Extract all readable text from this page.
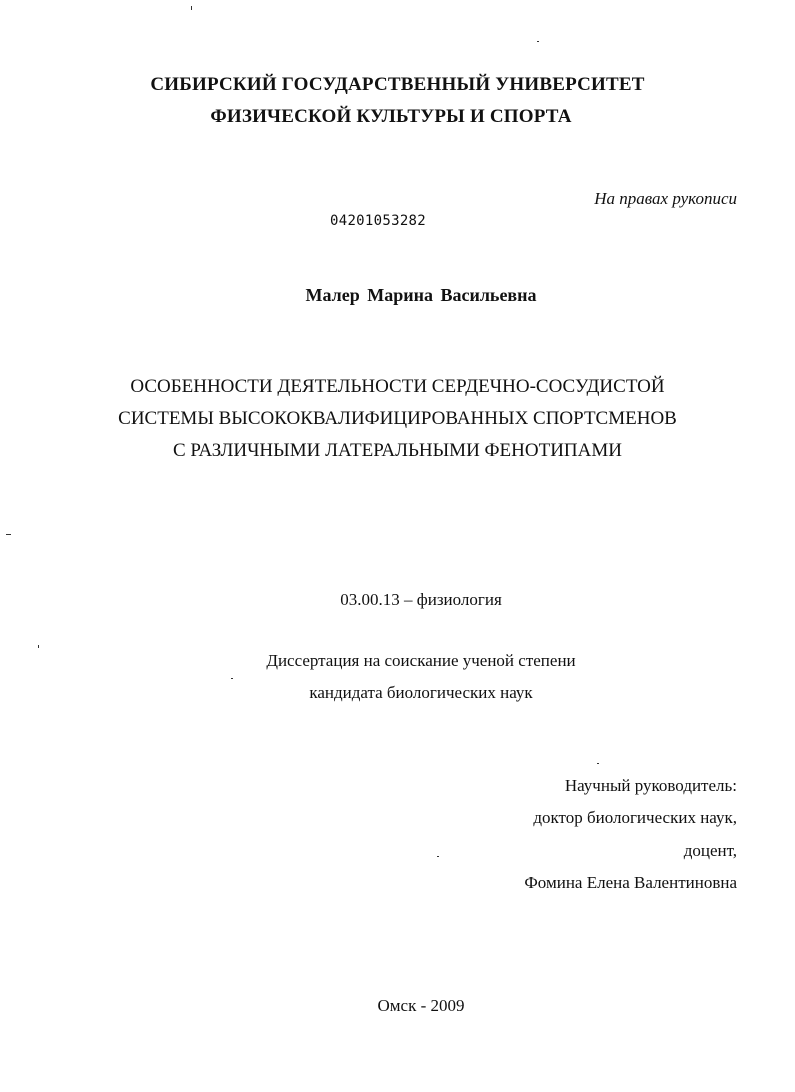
СИБИРСКИЙ ГОСУДАРСТВЕННЫЙ УНИВЕРСИТЕТ
ФИЗИЧЕСКОЙ КУЛЬТУРЫ И СПОРТА
На правах рукописи
04201053282
Малер Марина Васильевна
ОСОБЕННОСТИ ДЕЯТЕЛЬНОСТИ СЕРДЕЧНО-СОСУДИСТОЙ
СИСТЕМЫ ВЫСОКОКВАЛИФИЦИРОВАННЫХ СПОРТСМЕНОВ
С РАЗЛИЧНЫМИ ЛАТЕРАЛЬНЫМИ ФЕНОТИПАМИ
03.00.13 – физиология
Диссертация на соискание ученой степени
кандидата биологических наук
Научный руководитель:
доктор биологических наук,
доцент,
Фомина Елена Валентиновна
Омск - 2009
